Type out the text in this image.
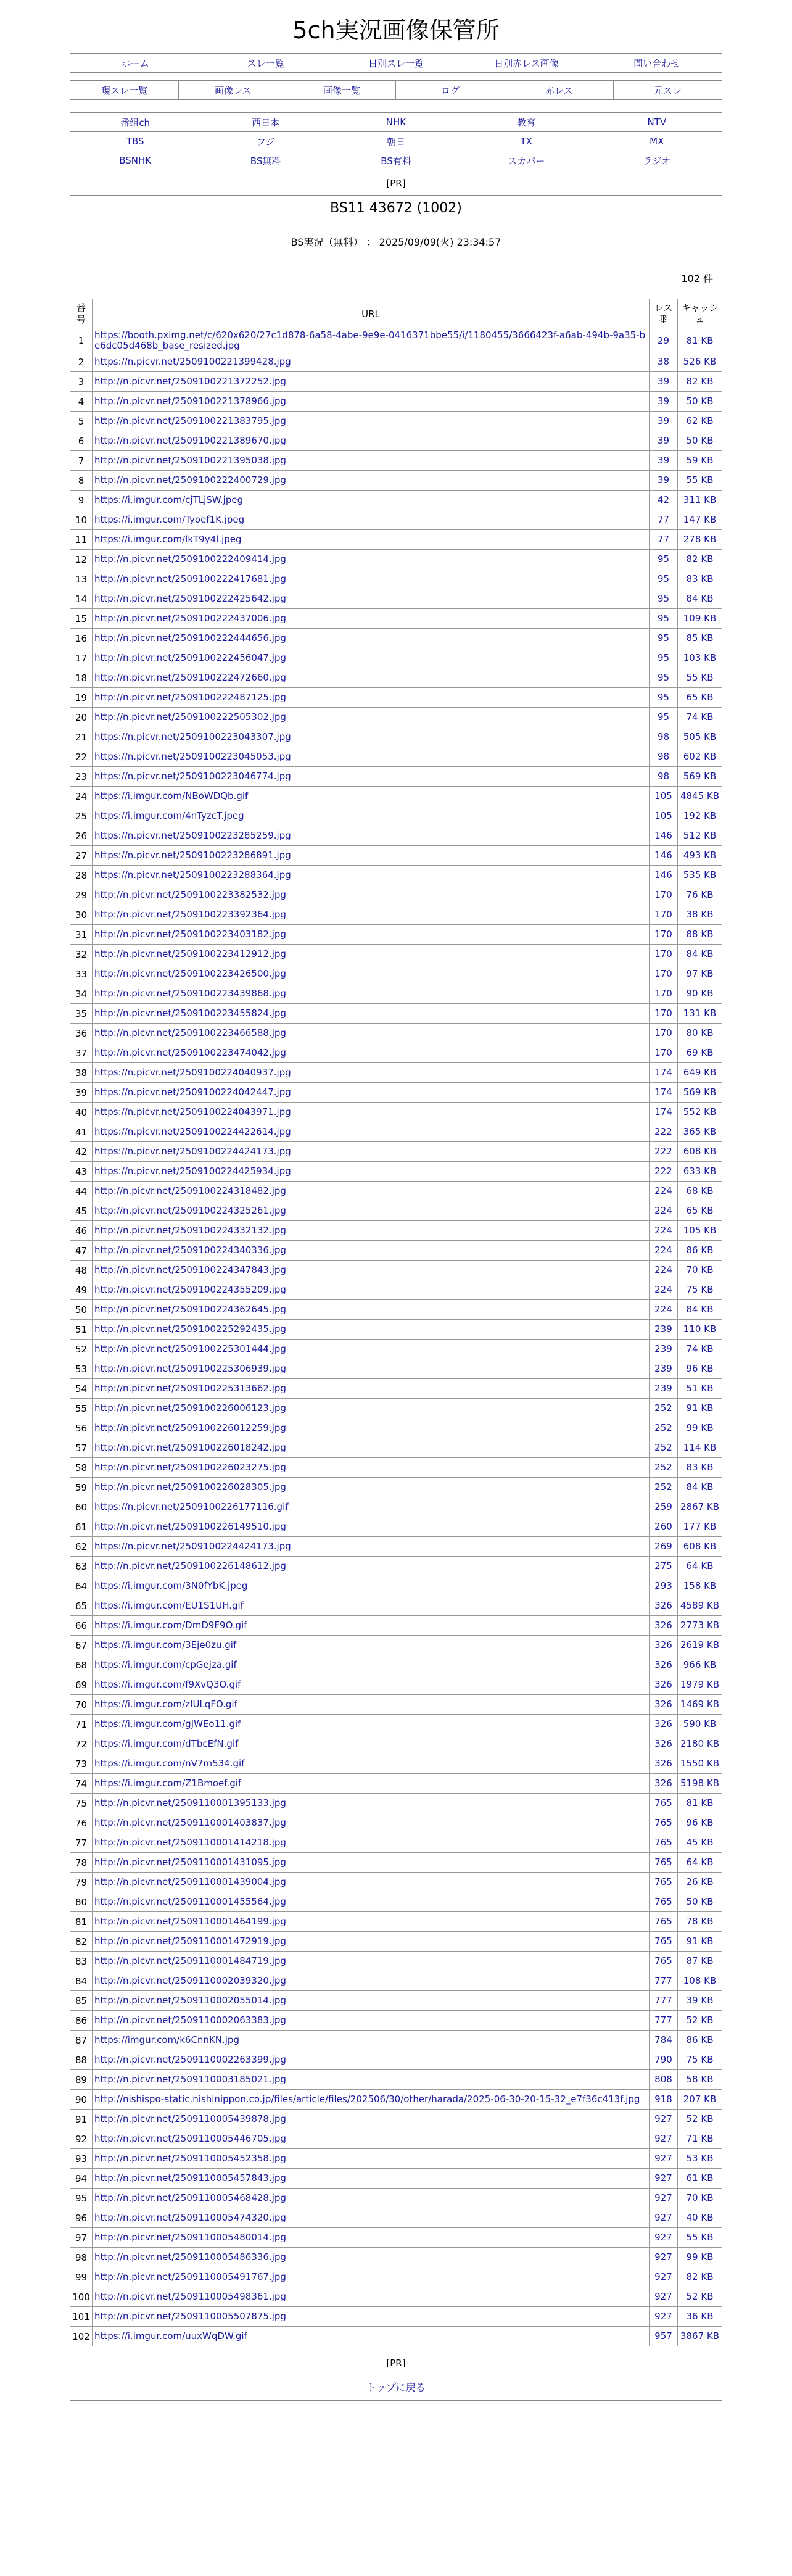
5ch実況画像保管所
ホーム	スレ一覧	日別スレ一覧	日別赤レス画像	問い合わせ
現スレ一覧	画像レス	画像一覧	ログ	赤レス	元スレ
番組ch	西日本	NHK	教育	NTV
TBS	フジ	朝日	TX	MX
BSNHK	BS無料	BS有料	スカパー	ラジオ
[PR]
BS11 43672 (1002)
BS実況（無料） ： 2025/09/09(火) 23:34:57
102 件
番号	URL	レス番	キャッシュ
1	https://booth.pximg.net/c/620x620/27c1d878-6a58-4abe-9e9e-0416371bbe55/i/1180455/3666423f-a6ab-494b-9a35-be6dc05d468b_base_resized.jpg	29	81 KB
2	https://n.picvr.net/2509100221399428.jpg	38	526 KB
3	http://n.picvr.net/2509100221372252.jpg	39	82 KB
4	http://n.picvr.net/2509100221378966.jpg	39	50 KB
5	http://n.picvr.net/2509100221383795.jpg	39	62 KB
6	http://n.picvr.net/2509100221389670.jpg	39	50 KB
7	http://n.picvr.net/2509100221395038.jpg	39	59 KB
8	http://n.picvr.net/2509100222400729.jpg	39	55 KB
9	https://i.imgur.com/cjTLjSW.jpeg	42	311 KB
10	https://i.imgur.com/Tyoef1K.jpeg	77	147 KB
11	https://i.imgur.com/lkT9y4l.jpeg	77	278 KB
12	http://n.picvr.net/2509100222409414.jpg	95	82 KB
13	http://n.picvr.net/2509100222417681.jpg	95	83 KB
14	http://n.picvr.net/2509100222425642.jpg	95	84 KB
15	http://n.picvr.net/2509100222437006.jpg	95	109 KB
16	http://n.picvr.net/2509100222444656.jpg	95	85 KB
17	http://n.picvr.net/2509100222456047.jpg	95	103 KB
18	http://n.picvr.net/2509100222472660.jpg	95	55 KB
19	http://n.picvr.net/2509100222487125.jpg	95	65 KB
20	http://n.picvr.net/2509100222505302.jpg	95	74 KB
21	https://n.picvr.net/2509100223043307.jpg	98	505 KB
22	https://n.picvr.net/2509100223045053.jpg	98	602 KB
23	https://n.picvr.net/2509100223046774.jpg	98	569 KB
24	https://i.imgur.com/NBoWDQb.gif	105	4845 KB
25	https://i.imgur.com/4nTyzcT.jpeg	105	192 KB
26	https://n.picvr.net/2509100223285259.jpg	146	512 KB
27	https://n.picvr.net/2509100223286891.jpg	146	493 KB
28	https://n.picvr.net/2509100223288364.jpg	146	535 KB
29	http://n.picvr.net/2509100223382532.jpg	170	76 KB
30	http://n.picvr.net/2509100223392364.jpg	170	38 KB
31	http://n.picvr.net/2509100223403182.jpg	170	88 KB
32	http://n.picvr.net/2509100223412912.jpg	170	84 KB
33	http://n.picvr.net/2509100223426500.jpg	170	97 KB
34	http://n.picvr.net/2509100223439868.jpg	170	90 KB
35	http://n.picvr.net/2509100223455824.jpg	170	131 KB
36	http://n.picvr.net/2509100223466588.jpg	170	80 KB
37	http://n.picvr.net/2509100223474042.jpg	170	69 KB
38	https://n.picvr.net/2509100224040937.jpg	174	649 KB
39	https://n.picvr.net/2509100224042447.jpg	174	569 KB
40	https://n.picvr.net/2509100224043971.jpg	174	552 KB
41	https://n.picvr.net/2509100224422614.jpg	222	365 KB
42	https://n.picvr.net/2509100224424173.jpg	222	608 KB
43	https://n.picvr.net/2509100224425934.jpg	222	633 KB
44	http://n.picvr.net/2509100224318482.jpg	224	68 KB
45	http://n.picvr.net/2509100224325261.jpg	224	65 KB
46	http://n.picvr.net/2509100224332132.jpg	224	105 KB
47	http://n.picvr.net/2509100224340336.jpg	224	86 KB
48	http://n.picvr.net/2509100224347843.jpg	224	70 KB
49	http://n.picvr.net/2509100224355209.jpg	224	75 KB
50	http://n.picvr.net/2509100224362645.jpg	224	84 KB
51	http://n.picvr.net/2509100225292435.jpg	239	110 KB
52	http://n.picvr.net/2509100225301444.jpg	239	74 KB
53	http://n.picvr.net/2509100225306939.jpg	239	96 KB
54	http://n.picvr.net/2509100225313662.jpg	239	51 KB
55	http://n.picvr.net/2509100226006123.jpg	252	91 KB
56	http://n.picvr.net/2509100226012259.jpg	252	99 KB
57	http://n.picvr.net/2509100226018242.jpg	252	114 KB
58	http://n.picvr.net/2509100226023275.jpg	252	83 KB
59	http://n.picvr.net/2509100226028305.jpg	252	84 KB
60	https://n.picvr.net/2509100226177116.gif	259	2867 KB
61	http://n.picvr.net/2509100226149510.jpg	260	177 KB
62	https://n.picvr.net/2509100224424173.jpg	269	608 KB
63	http://n.picvr.net/2509100226148612.jpg	275	64 KB
64	https://i.imgur.com/3N0fYbK.jpeg	293	158 KB
65	https://i.imgur.com/EU1S1UH.gif	326	4589 KB
66	https://i.imgur.com/DmD9F9O.gif	326	2773 KB
67	https://i.imgur.com/3Eje0zu.gif	326	2619 KB
68	https://i.imgur.com/cpGejza.gif	326	966 KB
69	https://i.imgur.com/f9XvQ3O.gif	326	1979 KB
70	https://i.imgur.com/zIULqFO.gif	326	1469 KB
71	https://i.imgur.com/gJWEo11.gif	326	590 KB
72	https://i.imgur.com/dTbcEfN.gif	326	2180 KB
73	https://i.imgur.com/nV7m534.gif	326	1550 KB
74	https://i.imgur.com/Z1Bmoef.gif	326	5198 KB
75	http://n.picvr.net/2509110001395133.jpg	765	81 KB
76	http://n.picvr.net/2509110001403837.jpg	765	96 KB
77	http://n.picvr.net/2509110001414218.jpg	765	45 KB
78	http://n.picvr.net/2509110001431095.jpg	765	64 KB
79	http://n.picvr.net/2509110001439004.jpg	765	26 KB
80	http://n.picvr.net/2509110001455564.jpg	765	50 KB
81	http://n.picvr.net/2509110001464199.jpg	765	78 KB
82	http://n.picvr.net/2509110001472919.jpg	765	91 KB
83	http://n.picvr.net/2509110001484719.jpg	765	87 KB
84	http://n.picvr.net/2509110002039320.jpg	777	108 KB
85	http://n.picvr.net/2509110002055014.jpg	777	39 KB
86	http://n.picvr.net/2509110002063383.jpg	777	52 KB
87	https://imgur.com/k6CnnKN.jpg	784	86 KB
88	http://n.picvr.net/2509110002263399.jpg	790	75 KB
89	http://n.picvr.net/2509110003185021.jpg	808	58 KB
90	http://nishispo-static.nishinippon.co.jp/files/article/files/202506/30/other/harada/2025-06-30-20-15-32_e7f36c413f.jpg	918	207 KB
91	http://n.picvr.net/2509110005439878.jpg	927	52 KB
92	http://n.picvr.net/2509110005446705.jpg	927	71 KB
93	http://n.picvr.net/2509110005452358.jpg	927	53 KB
94	http://n.picvr.net/2509110005457843.jpg	927	61 KB
95	http://n.picvr.net/2509110005468428.jpg	927	70 KB
96	http://n.picvr.net/2509110005474320.jpg	927	40 KB
97	http://n.picvr.net/2509110005480014.jpg	927	55 KB
98	http://n.picvr.net/2509110005486336.jpg	927	99 KB
99	http://n.picvr.net/2509110005491767.jpg	927	82 KB
100	http://n.picvr.net/2509110005498361.jpg	927	52 KB
101	http://n.picvr.net/2509110005507875.jpg	927	36 KB
102	https://i.imgur.com/uuxWqDW.gif	957	3867 KB
[PR]
トップに戻る
